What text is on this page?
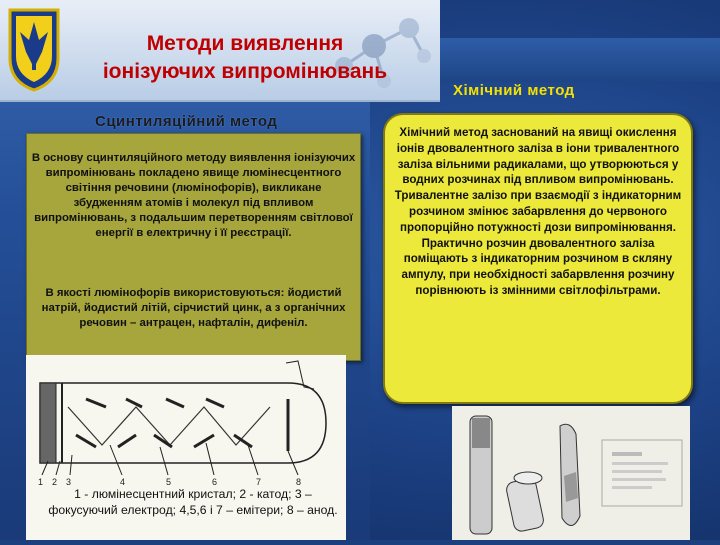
Методи виявлення
іонізуючих випромінювань
Хімічний метод
Сцинтиляційний метод
В основу сцинтиляційного методу виявлення іонізуючих випромінювань покладено явище люмінесцентного світіння речовини (люмінофорів), викликане збудженням атомів і молекул під впливом випромінювань, з подальшим перетворенням світлової енергії в електричну і її реєстрації.
В якості люмінофорів використовуються: йодистий натрій, йодистий літій, сірчистий цинк, а з органічних речовин – антрацен, нафталін, дифеніл.
Хімічний метод заснований на явищі окислення іонів двовалентного заліза в іони тривалентного заліза вільними радикалами, що утворюються у водних розчинах під впливом випромінювань. Тривалентне залізо при взаємодії з індикаторним розчином змінює забарвлення до червоного пропорційно потужності дози випромінювання. Практично розчин двовалентного заліза поміщають з індикаторним розчином в скляну ампулу, при необхідності забарвлення розчину порівнюють із змінними світлофільтрами.
1 2 3	4	5	6	7	8
1 - люмінесцентний кристал; 2 - катод; 3 – фокусуючий електрод; 4,5,6 і 7 – емітери; 8 – анод.
